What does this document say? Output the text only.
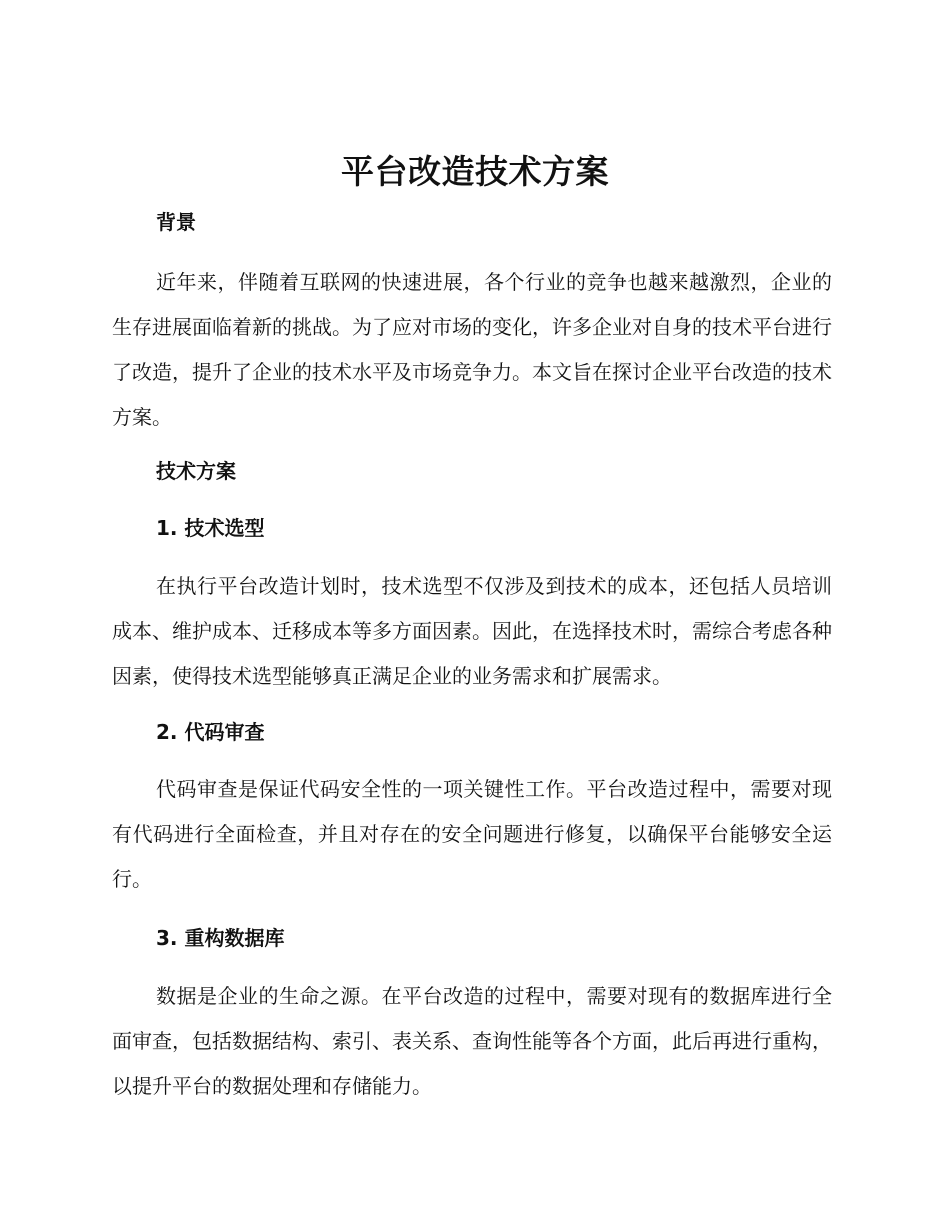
平台改造技术方案
背景
近年来，伴随着互联网的快速进展，各个行业的竞争也越来越激烈，企业的生存进展面临着新的挑战。为了应对市场的变化，许多企业对自身的技术平台进行了改造，提升了企业的技术水平及市场竞争力。本文旨在探讨企业平台改造的技术方案。
技术方案
1. 技术选型
在执行平台改造计划时，技术选型不仅涉及到技术的成本，还包括人员培训成本、维护成本、迁移成本等多方面因素。因此，在选择技术时，需综合考虑各种因素，使得技术选型能够真正满足企业的业务需求和扩展需求。
2. 代码审查
代码审查是保证代码安全性的一项关键性工作。平台改造过程中，需要对现有代码进行全面检查，并且对存在的安全问题进行修复，以确保平台能够安全运行。
3. 重构数据库
数据是企业的生命之源。在平台改造的过程中，需要对现有的数据库进行全面审查，包括数据结构、索引、表关系、查询性能等各个方面，此后再进行重构，以提升平台的数据处理和存储能力。
